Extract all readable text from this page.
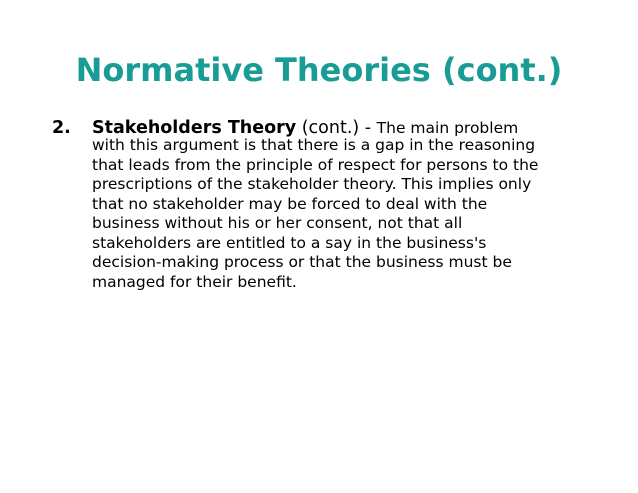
Normative Theories (cont.)
2. Stakeholders Theory (cont.) - The main problem

with this argument is that there is a gap in the reasoning
that leads from the principle of respect for persons to the
prescriptions of the stakeholder theory. This implies only
that no stakeholder may be forced to deal with the
business without his or her consent, not that all
stakeholders are entitled to a say in the business's
decision-making process or that the business must be
managed for their benefit.
